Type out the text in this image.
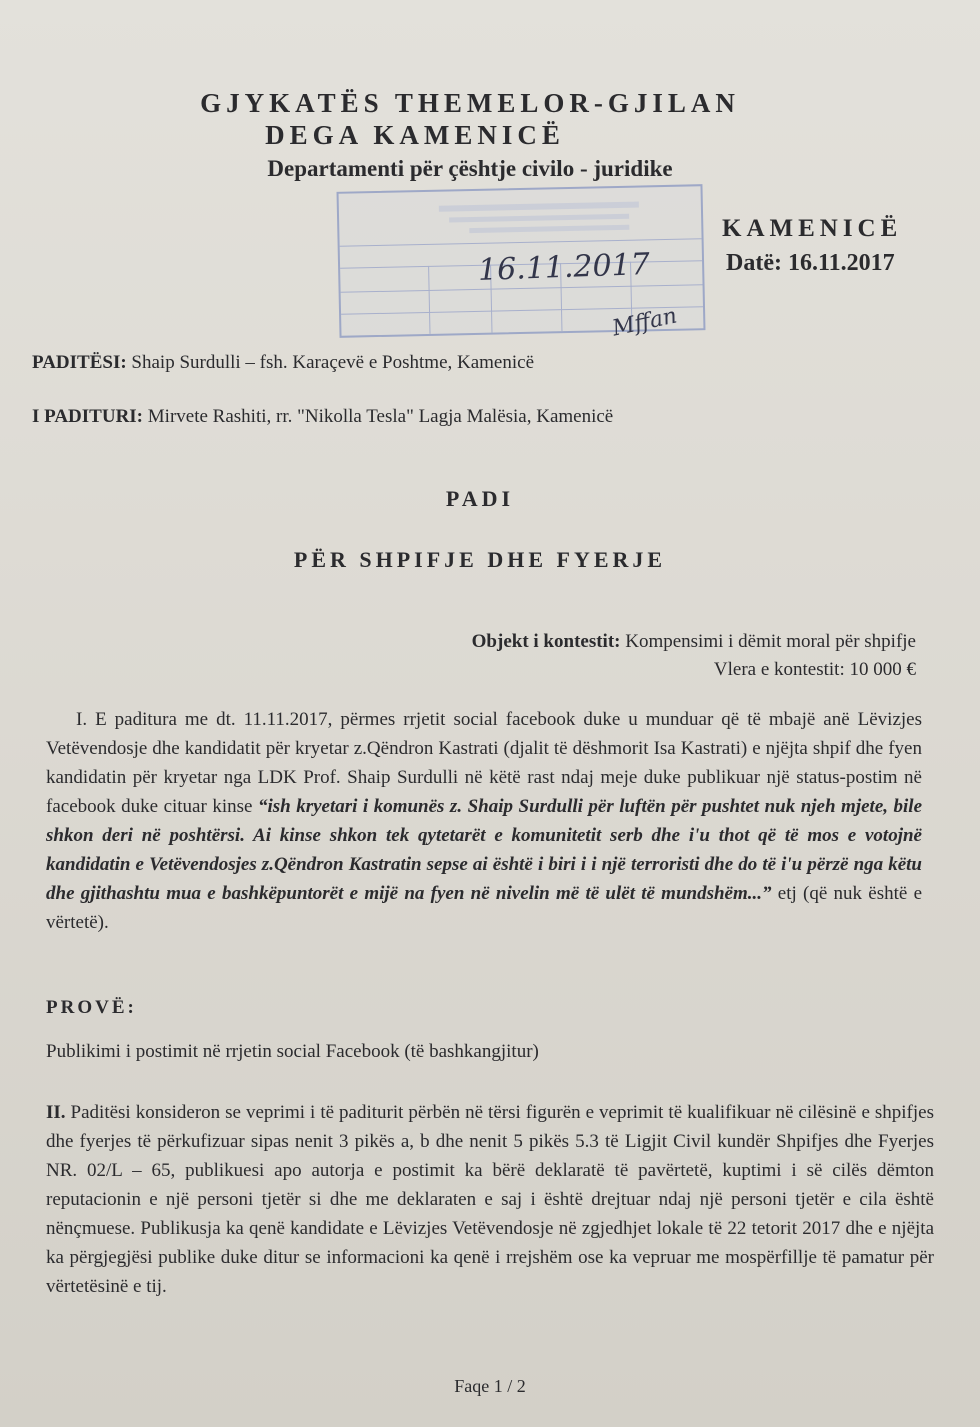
GJYKATËS THEMELOR-GJILAN
DEGA KAMENICË
Departamenti për çështje civilo - juridike
16.11.2017
Mffan
KAMENICË
Datë: 16.11.2017
PADITËSI: Shaip Surdulli – fsh. Karaçevë e Poshtme, Kamenicë
I PADITURI: Mirvete Rashiti, rr. "Nikolla Tesla" Lagja Malësia, Kamenicë
PADI
PËR SHPIFJE DHE FYERJE
Objekt i kontestit: Kompensimi i dëmit moral për shpifje
Vlera e kontestit: 10 000 €
I. E paditura me dt. 11.11.2017, përmes rrjetit social facebook duke u munduar që të mbajë anë Lëvizjes Vetëvendosje dhe kandidatit për kryetar z.Qëndron Kastrati (djalit të dëshmorit Isa Kastrati) e njëjta shpif dhe fyen kandidatin për kryetar nga LDK Prof. Shaip Surdulli në këtë rast ndaj meje duke publikuar një status-postim në facebook duke cituar kinse “ish kryetari i komunës z. Shaip Surdulli për luftën për pushtet nuk njeh mjete, bile shkon deri në poshtërsi. Ai kinse shkon tek qytetarët e komunitetit serb dhe i'u thot që të mos e votojnë kandidatin e Vetëvendosjes z.Qëndron Kastratin sepse ai është i biri i i një terroristi dhe do të i'u përzë nga këtu dhe gjithashtu mua e bashkëpuntorët e mijë na fyen në nivelin më të ulët të mundshëm...” etj (që nuk është e vërtetë).
PROVË:
Publikimi i postimit në rrjetin social Facebook (të bashkangjitur)
II. Paditësi konsideron se veprimi i të paditurit përbën në tërsi figurën e veprimit të kualifikuar në cilësinë e shpifjes dhe fyerjes të përkufizuar sipas nenit 3 pikës a, b dhe nenit 5 pikës 5.3 të Ligjit Civil kundër Shpifjes dhe Fyerjes NR. 02/L – 65, publikuesi apo autorja e postimit ka bërë deklaratë të pavërtetë, kuptimi i së cilës dëmton reputacionin e një personi tjetër si dhe me deklaraten e saj i është drejtuar ndaj një personi tjetër e cila është nënçmuese. Publikusja ka qenë kandidate e Lëvizjes Vetëvendosje në zgjedhjet lokale të 22 tetorit 2017 dhe e njëjta ka përgjegjësi publike duke ditur se informacioni ka qenë i rrejshëm ose ka vepruar me mospërfillje të pamatur për vërtetësinë e tij.
Faqe 1 / 2
